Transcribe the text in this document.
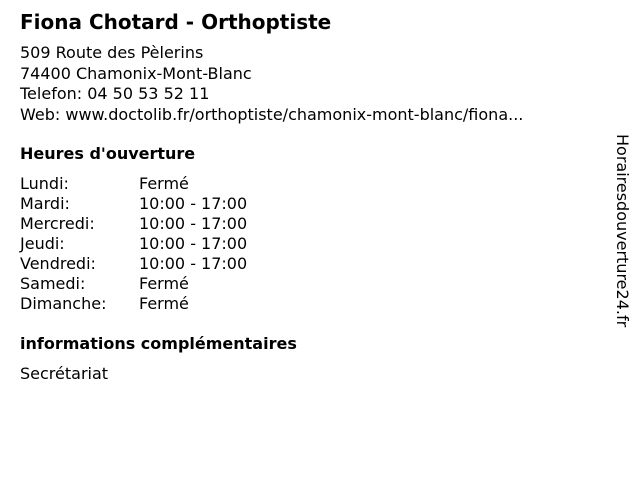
Fiona Chotard - Orthoptiste
509 Route des Pèlerins
74400 Chamonix-Mont-Blanc
Telefon: 04 50 53 52 11
Web: www.doctolib.fr/orthoptiste/chamonix-mont-blanc/fiona...
Heures d'ouverture
Lundi:	Fermé
Mardi:	10:00 - 17:00
Mercredi:	10:00 - 17:00
Jeudi:	10:00 - 17:00
Vendredi:	10:00 - 17:00
Samedi:	Fermé
Dimanche: Fermé
informations complémentaires
Secrétariat
Horairesdouverture24.fr
